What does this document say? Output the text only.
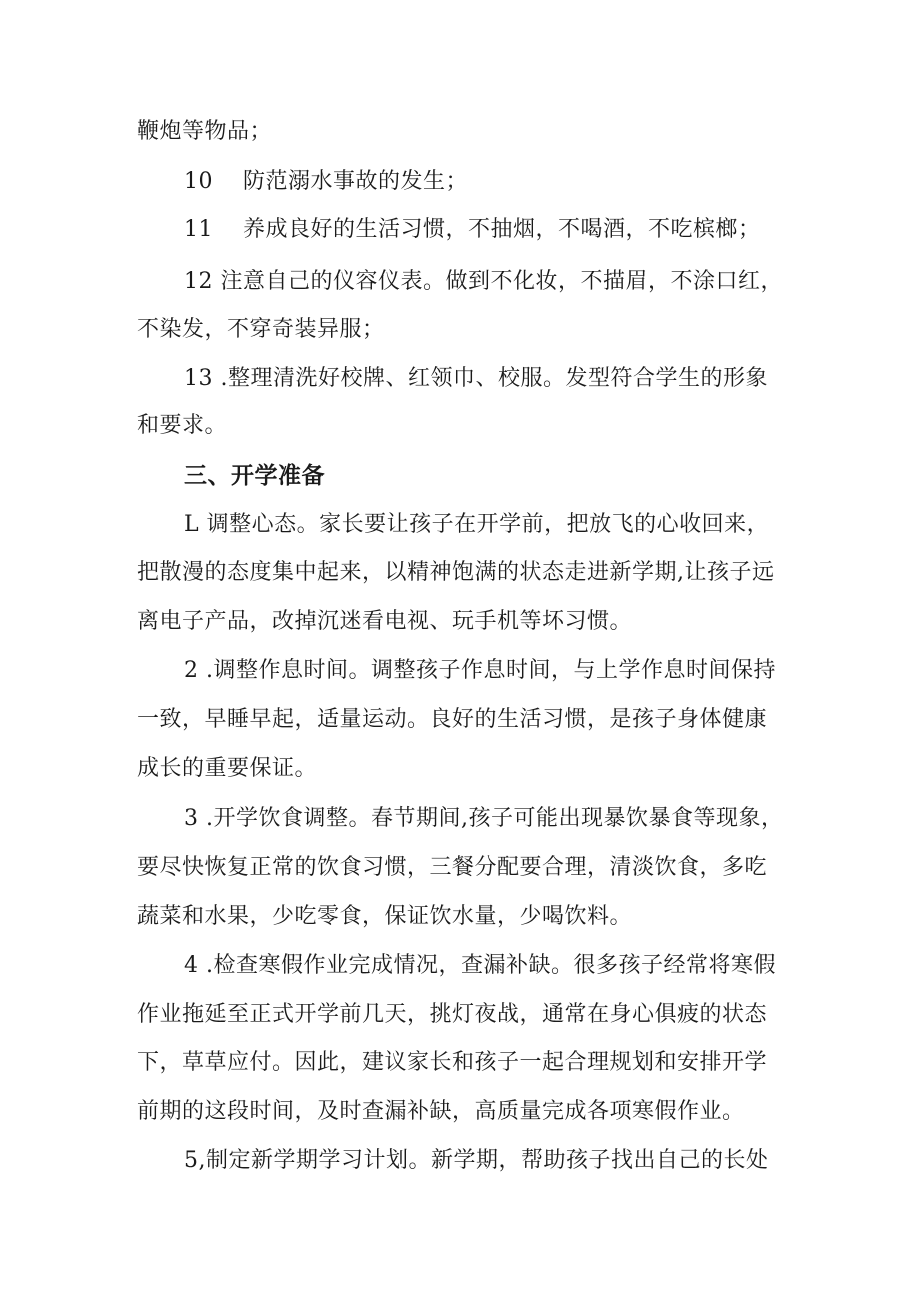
鞭炮等物品；
10　 防范溺水事故的发生；
11　 养成良好的生活习惯，不抽烟，不喝酒，不吃槟榔；
12 注意自己的仪容仪表。做到不化妆，不描眉，不涂口红，
不染发，不穿奇装异服；
13 .整理清洗好校牌、红领巾、校服。发型符合学生的形象
和要求。
三、开学准备
L 调整心态。家长要让孩子在开学前，把放飞的心收回来，
把散漫的态度集中起来，以精神饱满的状态走进新学期,让孩子远
离电子产品，改掉沉迷看电视、玩手机等坏习惯。
2 .调整作息时间。调整孩子作息时间，与上学作息时间保持
一致，早睡早起，适量运动。良好的生活习惯，是孩子身体健康
成长的重要保证。
3 .开学饮食调整。春节期间,孩子可能出现暴饮暴食等现象，
要尽快恢复正常的饮食习惯，三餐分配要合理，清淡饮食，多吃
蔬菜和水果，少吃零食，保证饮水量，少喝饮料。
4 .检查寒假作业完成情况，查漏补缺。很多孩子经常将寒假
作业拖延至正式开学前几天，挑灯夜战，通常在身心俱疲的状态
下，草草应付。因此，建议家长和孩子一起合理规划和安排开学
前期的这段时间，及时查漏补缺，高质量完成各项寒假作业。
5,制定新学期学习计划。新学期，帮助孩子找出自己的长处
